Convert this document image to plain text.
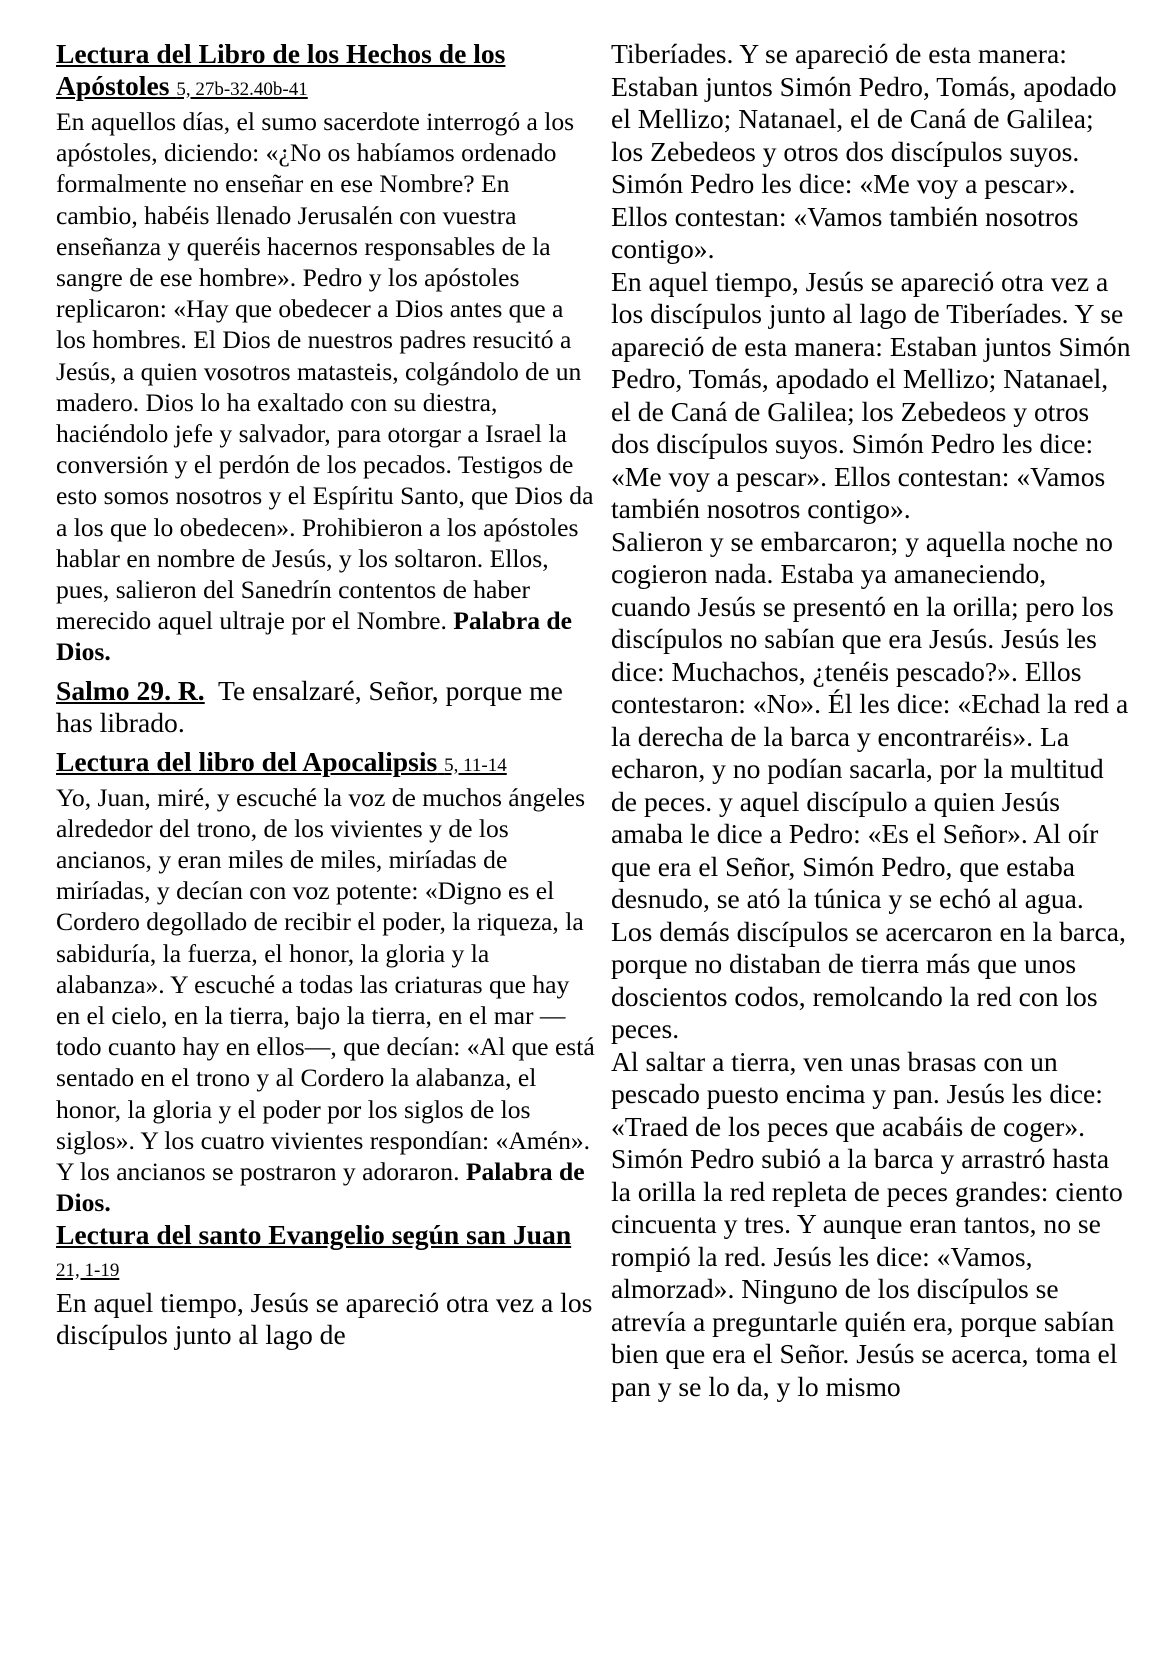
Lectura del Libro de los Hechos de los Apóstoles 5, 27b-32.40b-41

En aquellos días, el sumo sacerdote interrogó a los apóstoles, diciendo: «¿No os habíamos ordenado formalmente no enseñar en ese Nombre? En cambio, habéis llenado Jerusalén con vuestra enseñanza y queréis hacernos responsables de la sangre de ese hombre». Pedro y los apóstoles replicaron: «Hay que obedecer a Dios antes que a los hombres. El Dios de nuestros padres resucitó a Jesús, a quien vosotros matasteis, colgándolo de un madero. Dios lo ha exaltado con su diestra, haciéndolo jefe y salvador, para otorgar a Israel la conversión y el perdón de los pecados. Testigos de esto somos nosotros y el Espíritu Santo, que Dios da a los que lo obedecen». Prohibieron a los apóstoles hablar en nombre de Jesús, y los soltaron. Ellos, pues, salieron del Sanedrín contentos de haber merecido aquel ultraje por el Nombre. Palabra de Dios.

Salmo 29. R. Te ensalzaré, Señor, porque me has librado.

Lectura del libro del Apocalipsis 5, 11-14

Yo, Juan, miré, y escuché la voz de muchos ángeles alrededor del trono, de los vivientes y de los ancianos, y eran miles de miles, miríadas de miríadas, y decían con voz potente: «Digno es el Cordero degollado de recibir el poder, la riqueza, la sabiduría, la fuerza, el honor, la gloria y la alabanza». Y escuché a todas las criaturas que hay en el cielo, en la tierra, bajo la tierra, en el mar —todo cuanto hay en ellos—, que decían: «Al que está sentado en el trono y al Cordero la alabanza, el honor, la gloria y el poder por los siglos de los siglos». Y los cuatro vivientes respondían: «Amén». Y los ancianos se postraron y adoraron. Palabra de Dios.

Lectura del santo Evangelio según san Juan 21, 1-19

En aquel tiempo, Jesús se apareció otra vez a los discípulos junto al lago de

Tiberíades. Y se apareció de esta manera: Estaban juntos Simón Pedro, Tomás, apodado el Mellizo; Natanael, el de Caná de Galilea; los Zebedeos y otros dos discípulos suyos. Simón Pedro les dice: «Me voy a pescar». Ellos contestan: «Vamos también nosotros contigo».

En aquel tiempo, Jesús se apareció otra vez a los discípulos junto al lago de Tiberíades. Y se apareció de esta manera: Estaban juntos Simón Pedro, Tomás, apodado el Mellizo; Natanael, el de Caná de Galilea; los Zebedeos y otros dos discípulos suyos. Simón Pedro les dice: «Me voy a pescar». Ellos contestan: «Vamos también nosotros contigo».

Salieron y se embarcaron; y aquella noche no cogieron nada. Estaba ya amaneciendo, cuando Jesús se presentó en la orilla; pero los discípulos no sabían que era Jesús. Jesús les dice: Muchachos, ¿tenéis pescado?». Ellos contestaron: «No». Él les dice: «Echad la red a la derecha de la barca y encontraréis». La echaron, y no podían sacarla, por la multitud de peces. y aquel discípulo a quien Jesús amaba le dice a Pedro: «Es el Señor». Al oír que era el Señor, Simón Pedro, que estaba desnudo, se ató la túnica y se echó al agua. Los demás discípulos se acercaron en la barca, porque no distaban de tierra más que unos doscientos codos, remolcando la red con los peces.

Al saltar a tierra, ven unas brasas con un pescado puesto encima y pan. Jesús les dice: «Traed de los peces que acabáis de coger». Simón Pedro subió a la barca y arrastró hasta la orilla la red repleta de peces grandes: ciento cincuenta y tres. Y aunque eran tantos, no se rompió la red. Jesús les dice: «Vamos, almorzad». Ninguno de los discípulos se atrevía a preguntarle quién era, porque sabían bien que era el Señor. Jesús se acerca, toma el pan y se lo da, y lo mismo
